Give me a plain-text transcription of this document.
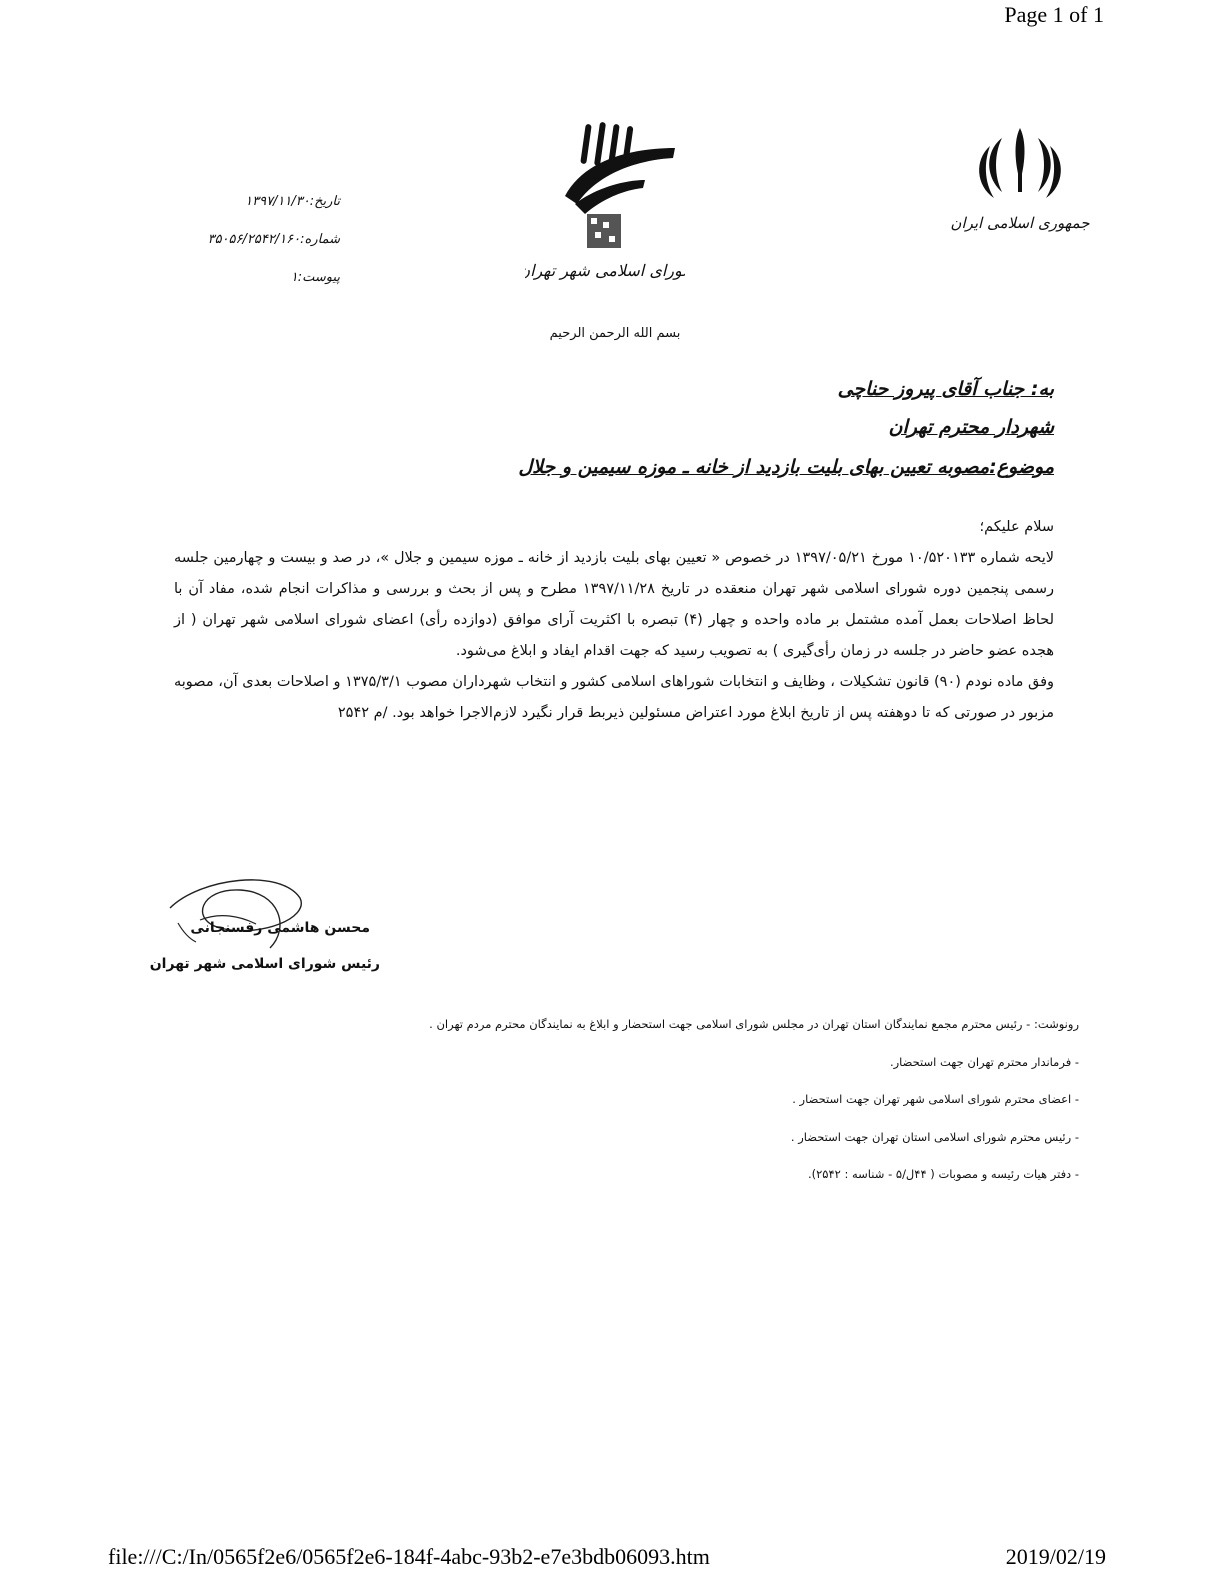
Page 1 of 1
جمهوری اسلامی ایران
شورای اسلامی شهر تهران
تاریخ:۱۳۹۷/۱۱/۳۰
شماره:۳۵۰۵۶/۲۵۴۲/۱۶۰
پیوست:۱
بسم الله الرحمن الرحیم
به: جناب آقای پیروز حناچی
شهردار محترم تهران
موضوع:مصوبه تعیین بهای بلیت بازدید از خانه ـ موزه سیمین و جلال

سلام علیکم؛

لایحه شماره ۱۰/۵۲۰۱۳۳ مورخ ۱۳۹۷/۰۵/۲۱ در خصوص « تعیین بهای بلیت بازدید از خانه ـ موزه سیمین و جلال »، در صد و بیست و چهارمین جلسه رسمی پنجمین دوره شورای اسلامی شهر تهران منعقده در تاریخ ۱۳۹۷/۱۱/۲۸ مطرح و پس از بحث و بررسی و مذاکرات انجام شده، مفاد آن با لحاظ اصلاحات بعمل آمده مشتمل بر ماده واحده و چهار (۴) تبصره با اکثریت آرای موافق (دوازده رأی) اعضای شورای اسلامی شهر تهران ( از هجده عضو حاضر در جلسه در زمان رأی‌گیری ) به تصویب رسید که جهت اقدام ایفاد و ابلاغ می‌شود.

وفق ماده نودم (۹۰) قانون تشکیلات ، وظایف و انتخابات شوراهای اسلامی کشور و انتخاب شهرداران مصوب ۱۳۷۵/۳/۱ و اصلاحات بعدی آن، مصوبه مزبور در صورتی که تا دوهفته پس از تاریخ ابلاغ مورد اعتراض مسئولین ذیربط قرار نگیرد لازم‌الاجرا خواهد بود. /م ۲۵۴۲

محسن هاشمی رفسنجانی
رئیس شورای اسلامی شهر تهران
رونوشت: - رئیس محترم مجمع نمایندگان استان تهران در مجلس شورای اسلامی جهت استحضار و ابلاغ به نمایندگان محترم مردم تهران .
- فرماندار محترم تهران جهت استحضار.
- اعضای محترم شورای اسلامی شهر تهران جهت استحضار .
- رئیس محترم شورای اسلامی استان تهران جهت استحضار .
- دفتر هیات رئیسه و مصوبات ( ۴۴ل/۵ - شناسه : ۲۵۴۲).
file:///C:/In/0565f2e6/0565f2e6-184f-4abc-93b2-e7e3bdb06093.htm	2019/02/19
